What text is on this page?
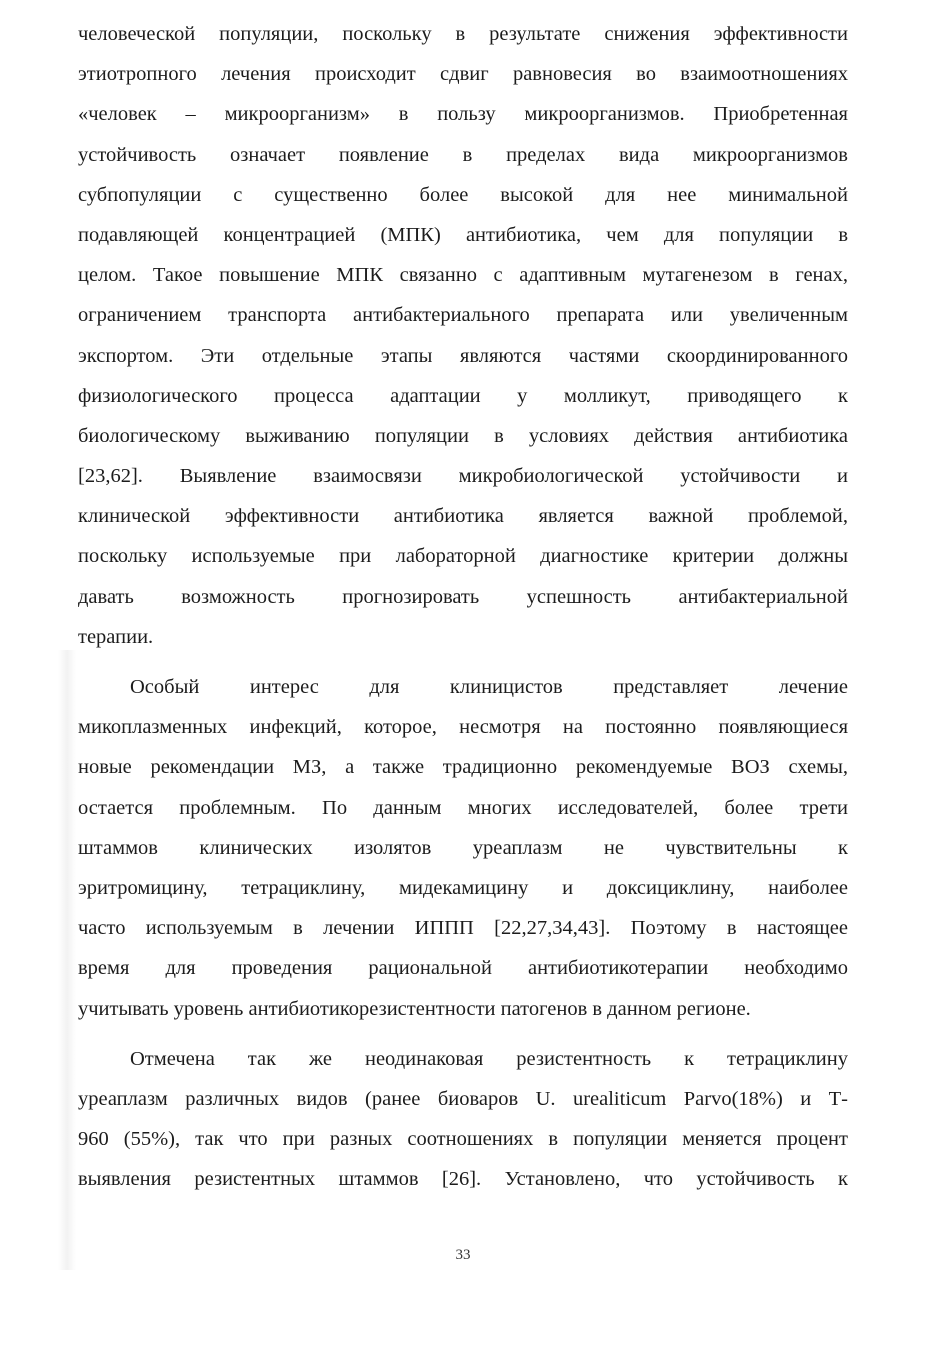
человеческой популяции, поскольку в результате снижения эффективности
этиотропного лечения происходит сдвиг равновесия во взаимоотношениях
«человек – микроорганизм» в пользу микроорганизмов. Приобретенная
устойчивость означает появление в пределах вида микроорганизмов
субпопуляции с существенно более высокой для нее минимальной
подавляющей концентрацией (МПК) антибиотика, чем для популяции в
целом. Такое повышение МПК связанно с адаптивным мутагенезом в генах,
ограничением транспорта антибактериального препарата или увеличенным
экспортом. Эти отдельные этапы являются частями скоординированного
физиологического процесса адаптации у молликут, приводящего к
биологическому выживанию популяции в условиях действия антибиотика
[23,62]. Выявление взаимосвязи микробиологической устойчивости и
клинической эффективности антибиотика является важной проблемой,
поскольку используемые при лабораторной диагностике критерии должны
давать возможность прогнозировать успешность антибактериальной
терапии.
Особый интерес для клиницистов представляет лечение
микоплазменных инфекций, которое, несмотря на постоянно появляющиеся
новые рекомендации МЗ, а также традиционно рекомендуемые ВОЗ схемы,
остается проблемным. По данным многих исследователей, более трети
штаммов клинических изолятов уреаплазм не чувствительны к
эритромицину, тетрациклину, мидекамицину и доксициклину, наиболее
часто используемым в лечении ИППП [22,27,34,43]. Поэтому в настоящее
время для проведения рациональной антибиотикотерапии необходимо
учитывать уровень антибиотикорезистентности патогенов в данном регионе.
Отмечена так же неодинаковая резистентность к тетрациклину
уреаплазм различных видов (ранее биоваров U. urealiticum Parvo(18%) и Т-
960 (55%), так что при разных соотношениях в популяции меняется процент
выявления резистентных штаммов [26]. Установлено, что устойчивость к
33
